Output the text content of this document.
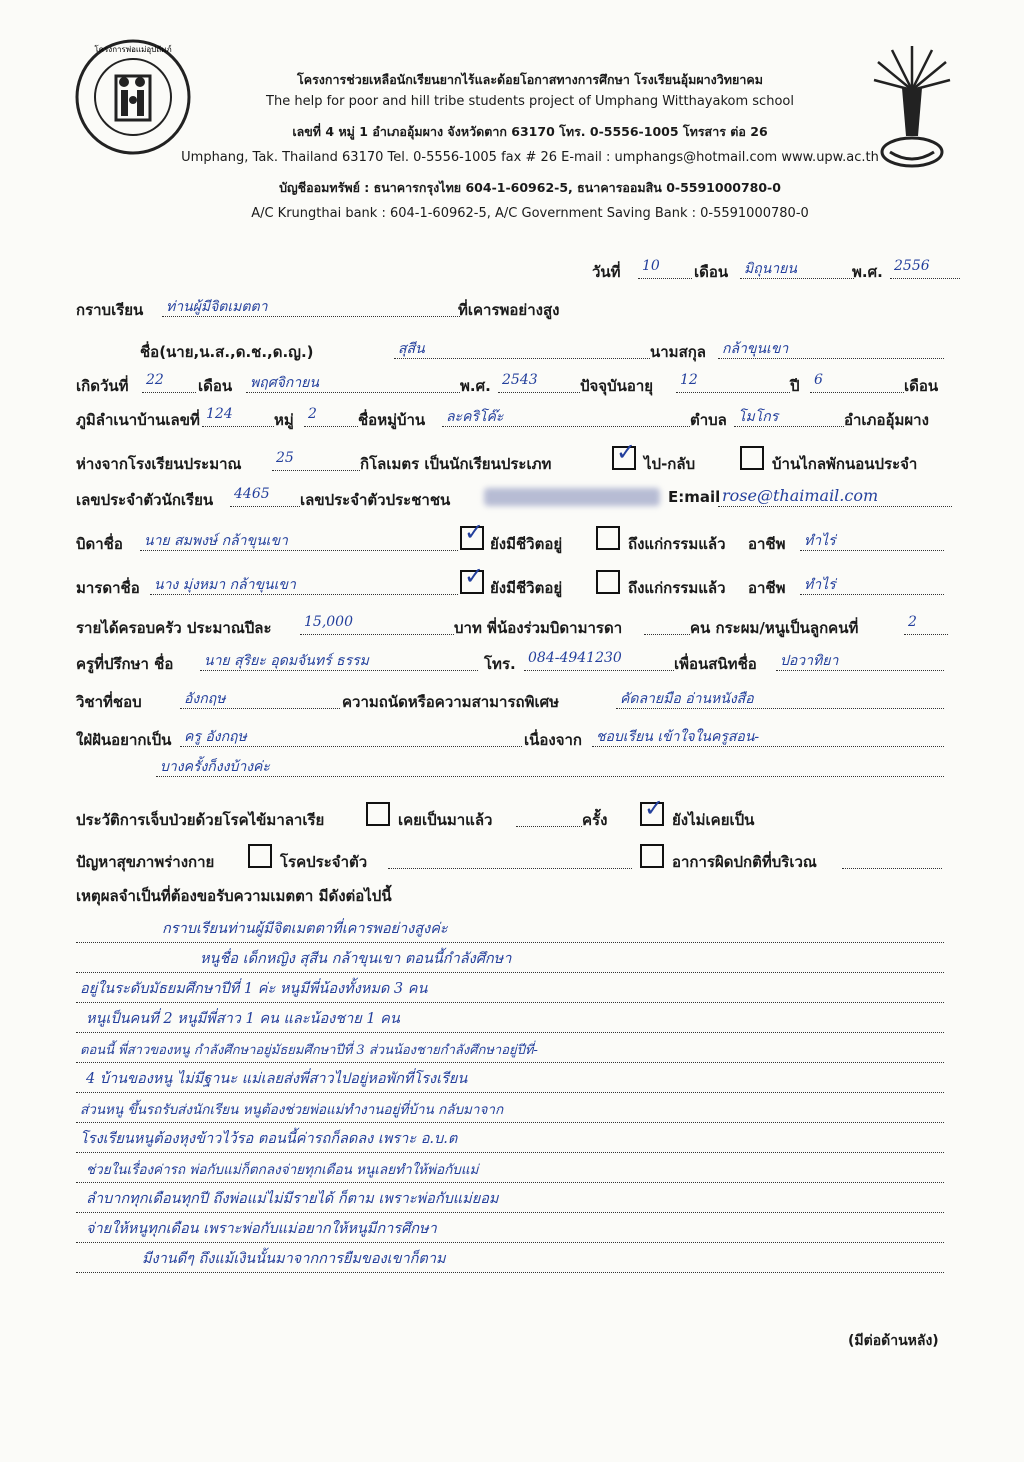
โครงการพ่อแม่อุปถัมภ์
โครงการช่วยเหลือนักเรียนยากไร้และด้อยโอกาสทางการศึกษา โรงเรียนอุ้มผางวิทยาคม
The help for poor and hill tribe students project of Umphang Witthayakom school
เลขที่ 4 หมู่ 1 อำเภออุ้มผาง จังหวัดตาก 63170 โทร. 0-5556-1005 โทรสาร ต่อ 26
Umphang, Tak. Thailand 63170 Tel. 0-5556-1005 fax # 26 E-mail : umphangs@hotmail.com www.upw.ac.th
บัญชีออมทรัพย์ : ธนาคารกรุงไทย 604-1-60962-5, ธนาคารออมสิน 0-5591000780-0
A/C Krungthai bank : 604-1-60962-5, A/C Government Saving Bank : 0-5591000780-0
วันที่ 10	เดือน มิถุนายน	พ.ศ. 2556
กราบเรียน ท่านผู้มีจิตเมตตา	ที่เคารพอย่างสูง
ชื่อ(นาย,น.ส.,ด.ช.,ด.ญ.)	สุสีน	นามสกุล กล้าขุนเขา
เกิดวันที่ 22	เดือน พฤศจิกายน	พ.ศ. 2543	ปัจจุบันอายุ 12	ปี 6	เดือน
ภูมิลำเนาบ้านเลขที่ 124	หมู่ 2	ชื่อหมู่บ้าน ละคริโค๊ะ	ตำบล โมโกร	อำเภออุ้มผาง
ห่างจากโรงเรียนประมาณ 25	กิโลเมตร เป็นนักเรียนประเภท	✓ ไป-กลับ	บ้านไกลพักนอนประจำ
เลขประจำตัวนักเรียน 4465	เลขประจำตัวประชาชน	E:mail rose@thaimail.com
บิดาชื่อ นาย สมพงษ์ กล้าขุนเขา	✓ ยังมีชีวิตอยู่	ถึงแก่กรรมแล้ว อาชีพ ทำไร่
มารดาชื่อ นาง มุ่งหมา กล้าขุนเขา	✓ ยังมีชีวิตอยู่	ถึงแก่กรรมแล้ว อาชีพ ทำไร่
รายได้ครอบครัว ประมาณปีละ 15,000	บาท พี่น้องร่วมบิดามารดา	คน กระผม/หนูเป็นลูกคนที่	2
ครูที่ปรึกษา ชื่อ นาย สุริยะ อุดมจันทร์ ธรรม	โทร. 084-4941230	เพื่อนสนิทชื่อ ปอวาทิยา
วิชาที่ชอบ	อังกฤษ	ความถนัดหรือความสามารถพิเศษ	คัดลายมือ อ่านหนังสือ
ใฝ่ฝันอยากเป็น ครู อังกฤษ	เนื่องจาก ชอบเรียน เข้าใจในครูสอน-
บางครั้งก็งงบ้างค่ะ
ประวัติการเจ็บป่วยด้วยโรคไข้มาลาเรีย	เคยเป็นมาแล้ว	ครั้ง ✓ ยังไม่เคยเป็น
ปัญหาสุขภาพร่างกาย	โรคประจำตัว	อาการผิดปกติที่บริเวณ
เหตุผลจำเป็นที่ต้องขอรับความเมตตา มีดังต่อไปนี้
กราบเรียนท่านผู้มีจิตเมตตาที่เคารพอย่างสูงค่ะ
หนูชื่อ เด็กหญิง สุสีน กล้าขุนเขา ตอนนี้กำลังศึกษา
อยู่ในระดับมัธยมศึกษาปีที่ 1 ค่ะ หนูมีพี่น้องทั้งหมด 3 คน
หนูเป็นคนที่ 2 หนูมีพี่สาว 1 คน และน้องชาย 1 คน
ตอนนี้ พี่สาวของหนู กำลังศึกษาอยู่มัธยมศึกษาปีที่ 3 ส่วนน้องชายกำลังศึกษาอยู่ปีที่-
4 บ้านของหนู ไม่มีฐานะ แม่เลยส่งพี่สาวไปอยู่หอพักที่โรงเรียน
ส่วนหนู ขึ้นรถรับส่งนักเรียน หนูต้องช่วยพ่อแม่ทำงานอยู่ที่บ้าน กลับมาจาก
โรงเรียนหนูต้องหุงข้าวไว้รอ ตอนนี้ค่ารถก็ลดลง เพราะ อ.บ.ต
ช่วยในเรื่องค่ารถ พ่อกับแม่ก็ตกลงจ่ายทุกเดือน หนูเลยทำให้พ่อกับแม่
ลำบากทุกเดือนทุกปี ถึงพ่อแม่ไม่มีรายได้ ก็ตาม เพราะพ่อกับแม่ยอม
จ่ายให้หนูทุกเดือน เพราะพ่อกับแม่อยากให้หนูมีการศึกษา
มีงานดีๆ ถึงแม้เงินนั้นมาจากการยืมของเขาก็ตาม
(มีต่อด้านหลัง)
